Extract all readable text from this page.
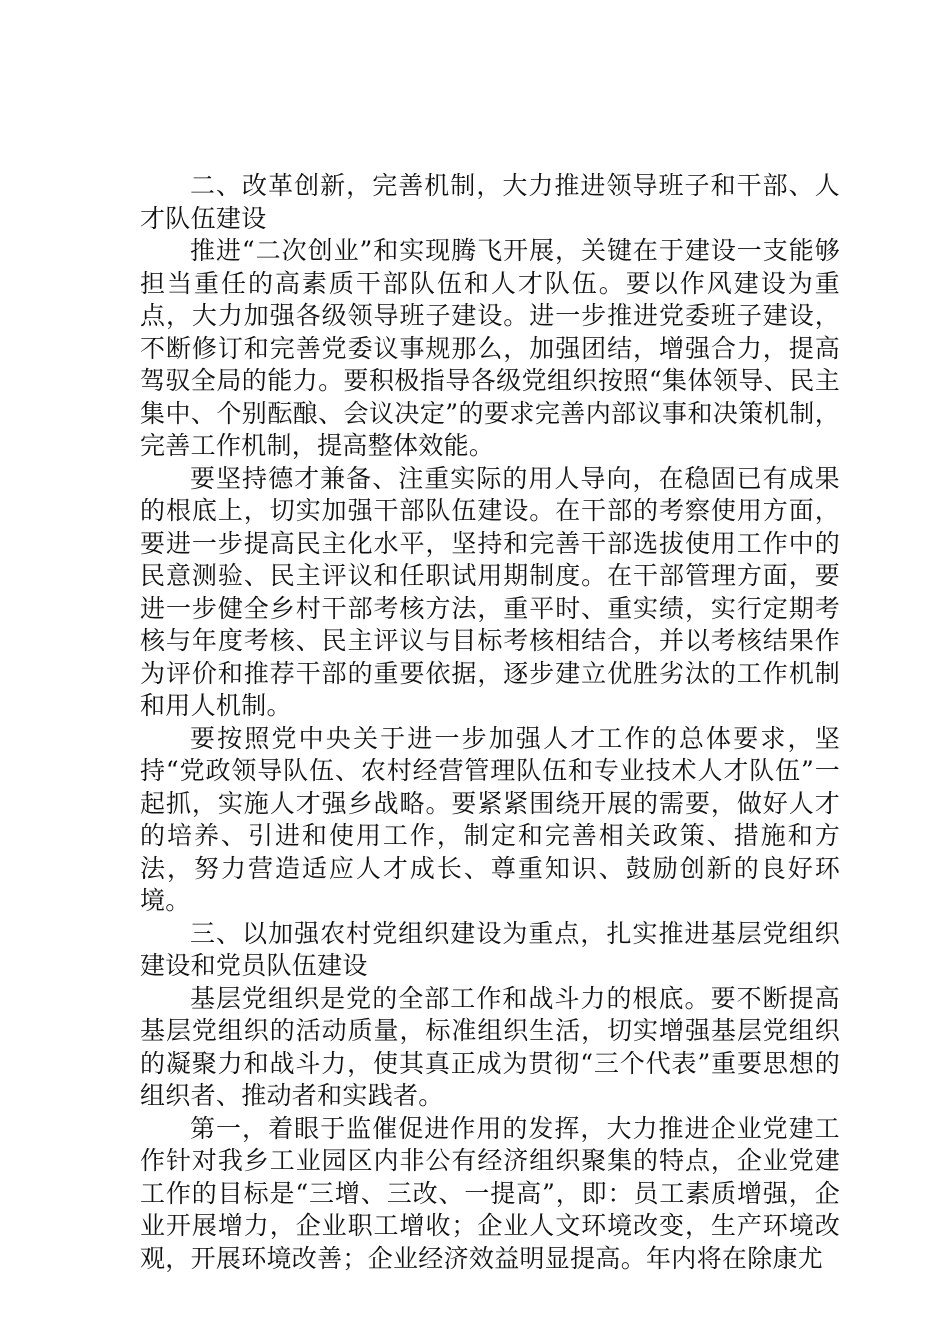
二、改革创新，完善机制，大力推进领导班子和干部、人才队伍建设

推进“二次创业”和实现腾飞开展，关键在于建设一支能够担当重任的高素质干部队伍和人才队伍。要以作风建设为重点，大力加强各级领导班子建设。进一步推进党委班子建设，不断修订和完善党委议事规那么，加强团结，增强合力，提高驾驭全局的能力。要积极指导各级党组织按照“集体领导、民主集中、个别酝酿、会议决定”的要求完善内部议事和决策机制，完善工作机制，提高整体效能。

要坚持德才兼备、注重实际的用人导向，在稳固已有成果的根底上，切实加强干部队伍建设。在干部的考察使用方面，要进一步提高民主化水平，坚持和完善干部选拔使用工作中的民意测验、民主评议和任职试用期制度。在干部管理方面，要进一步健全乡村干部考核方法，重平时、重实绩，实行定期考核与年度考核、民主评议与目标考核相结合，并以考核结果作为评价和推荐干部的重要依据，逐步建立优胜劣汰的工作机制和用人机制。

要按照党中央关于进一步加强人才工作的总体要求，坚持“党政领导队伍、农村经营管理队伍和专业技术人才队伍”一起抓，实施人才强乡战略。要紧紧围绕开展的需要，做好人才的培养、引进和使用工作，制定和完善相关政策、措施和方法，努力营造适应人才成长、尊重知识、鼓励创新的良好环境。

三、以加强农村党组织建设为重点，扎实推进基层党组织建设和党员队伍建设

基层党组织是党的全部工作和战斗力的根底。要不断提高基层党组织的活动质量，标准组织生活，切实增强基层党组织的凝聚力和战斗力，使其真正成为贯彻“三个代表”重要思想的组织者、推动者和实践者。

第一，着眼于监催促进作用的发挥，大力推进企业党建工作针对我乡工业园区内非公有经济组织聚集的特点，企业党建工作的目标是“三增、三改、一提高”，即：员工素质增强，企业开展增力，企业职工增收；企业人文环境改变，生产环境改观，开展环境改善；企业经济效益明显提高。年内将在除康尤
